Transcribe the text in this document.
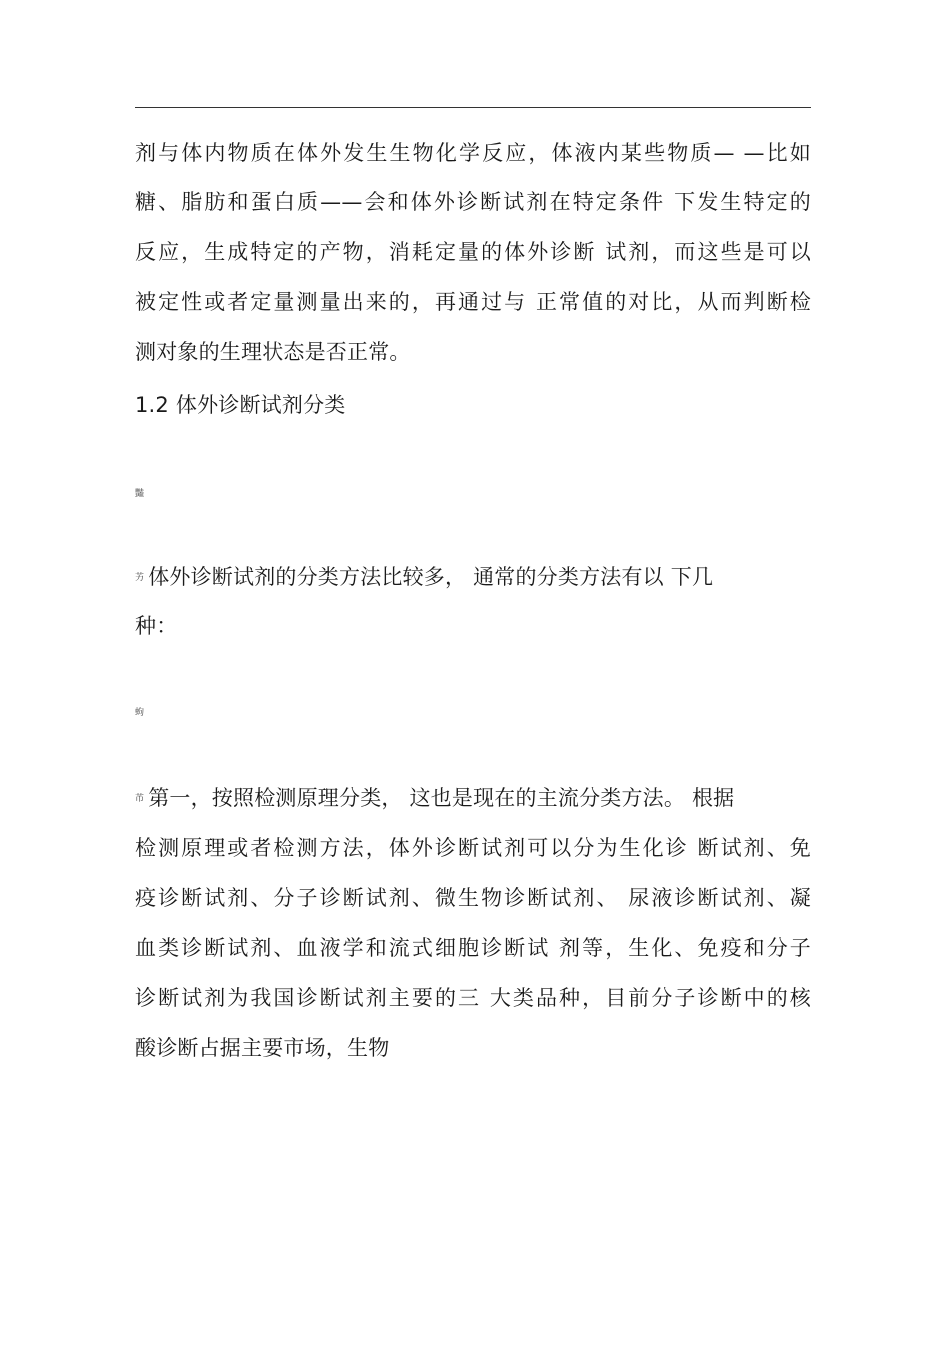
剂与体内物质在体外发生生物化学反应，体液内某些物质— —比如
糖、脂肪和蛋白质——会和体外诊断试剂在特定条件 下发生特定的
反应，生成特定的产物，消耗定量的体外诊断 试剂，而这些是可以
被定性或者定量测量出来的，再通过与 正常值的对比，从而判断检
测对象的生理状态是否正常。
1.2 体外诊断试剂分类
豔
艻 体外诊断试剂的分类方法比较多， 通常的分类方法有以 下几
种：
蚼
芇 第一，按照检测原理分类， 这也是现在的主流分类方法。 根据
检测原理或者检测方法，体外诊断试剂可以分为生化诊 断试剂、免
疫诊断试剂、分子诊断试剂、微生物诊断试剂、 尿液诊断试剂、凝
血类诊断试剂、血液学和流式细胞诊断试 剂等，生化、免疫和分子
诊断试剂为我国诊断试剂主要的三 大类品种，目前分子诊断中的核
酸诊断占据主要市场，生物
